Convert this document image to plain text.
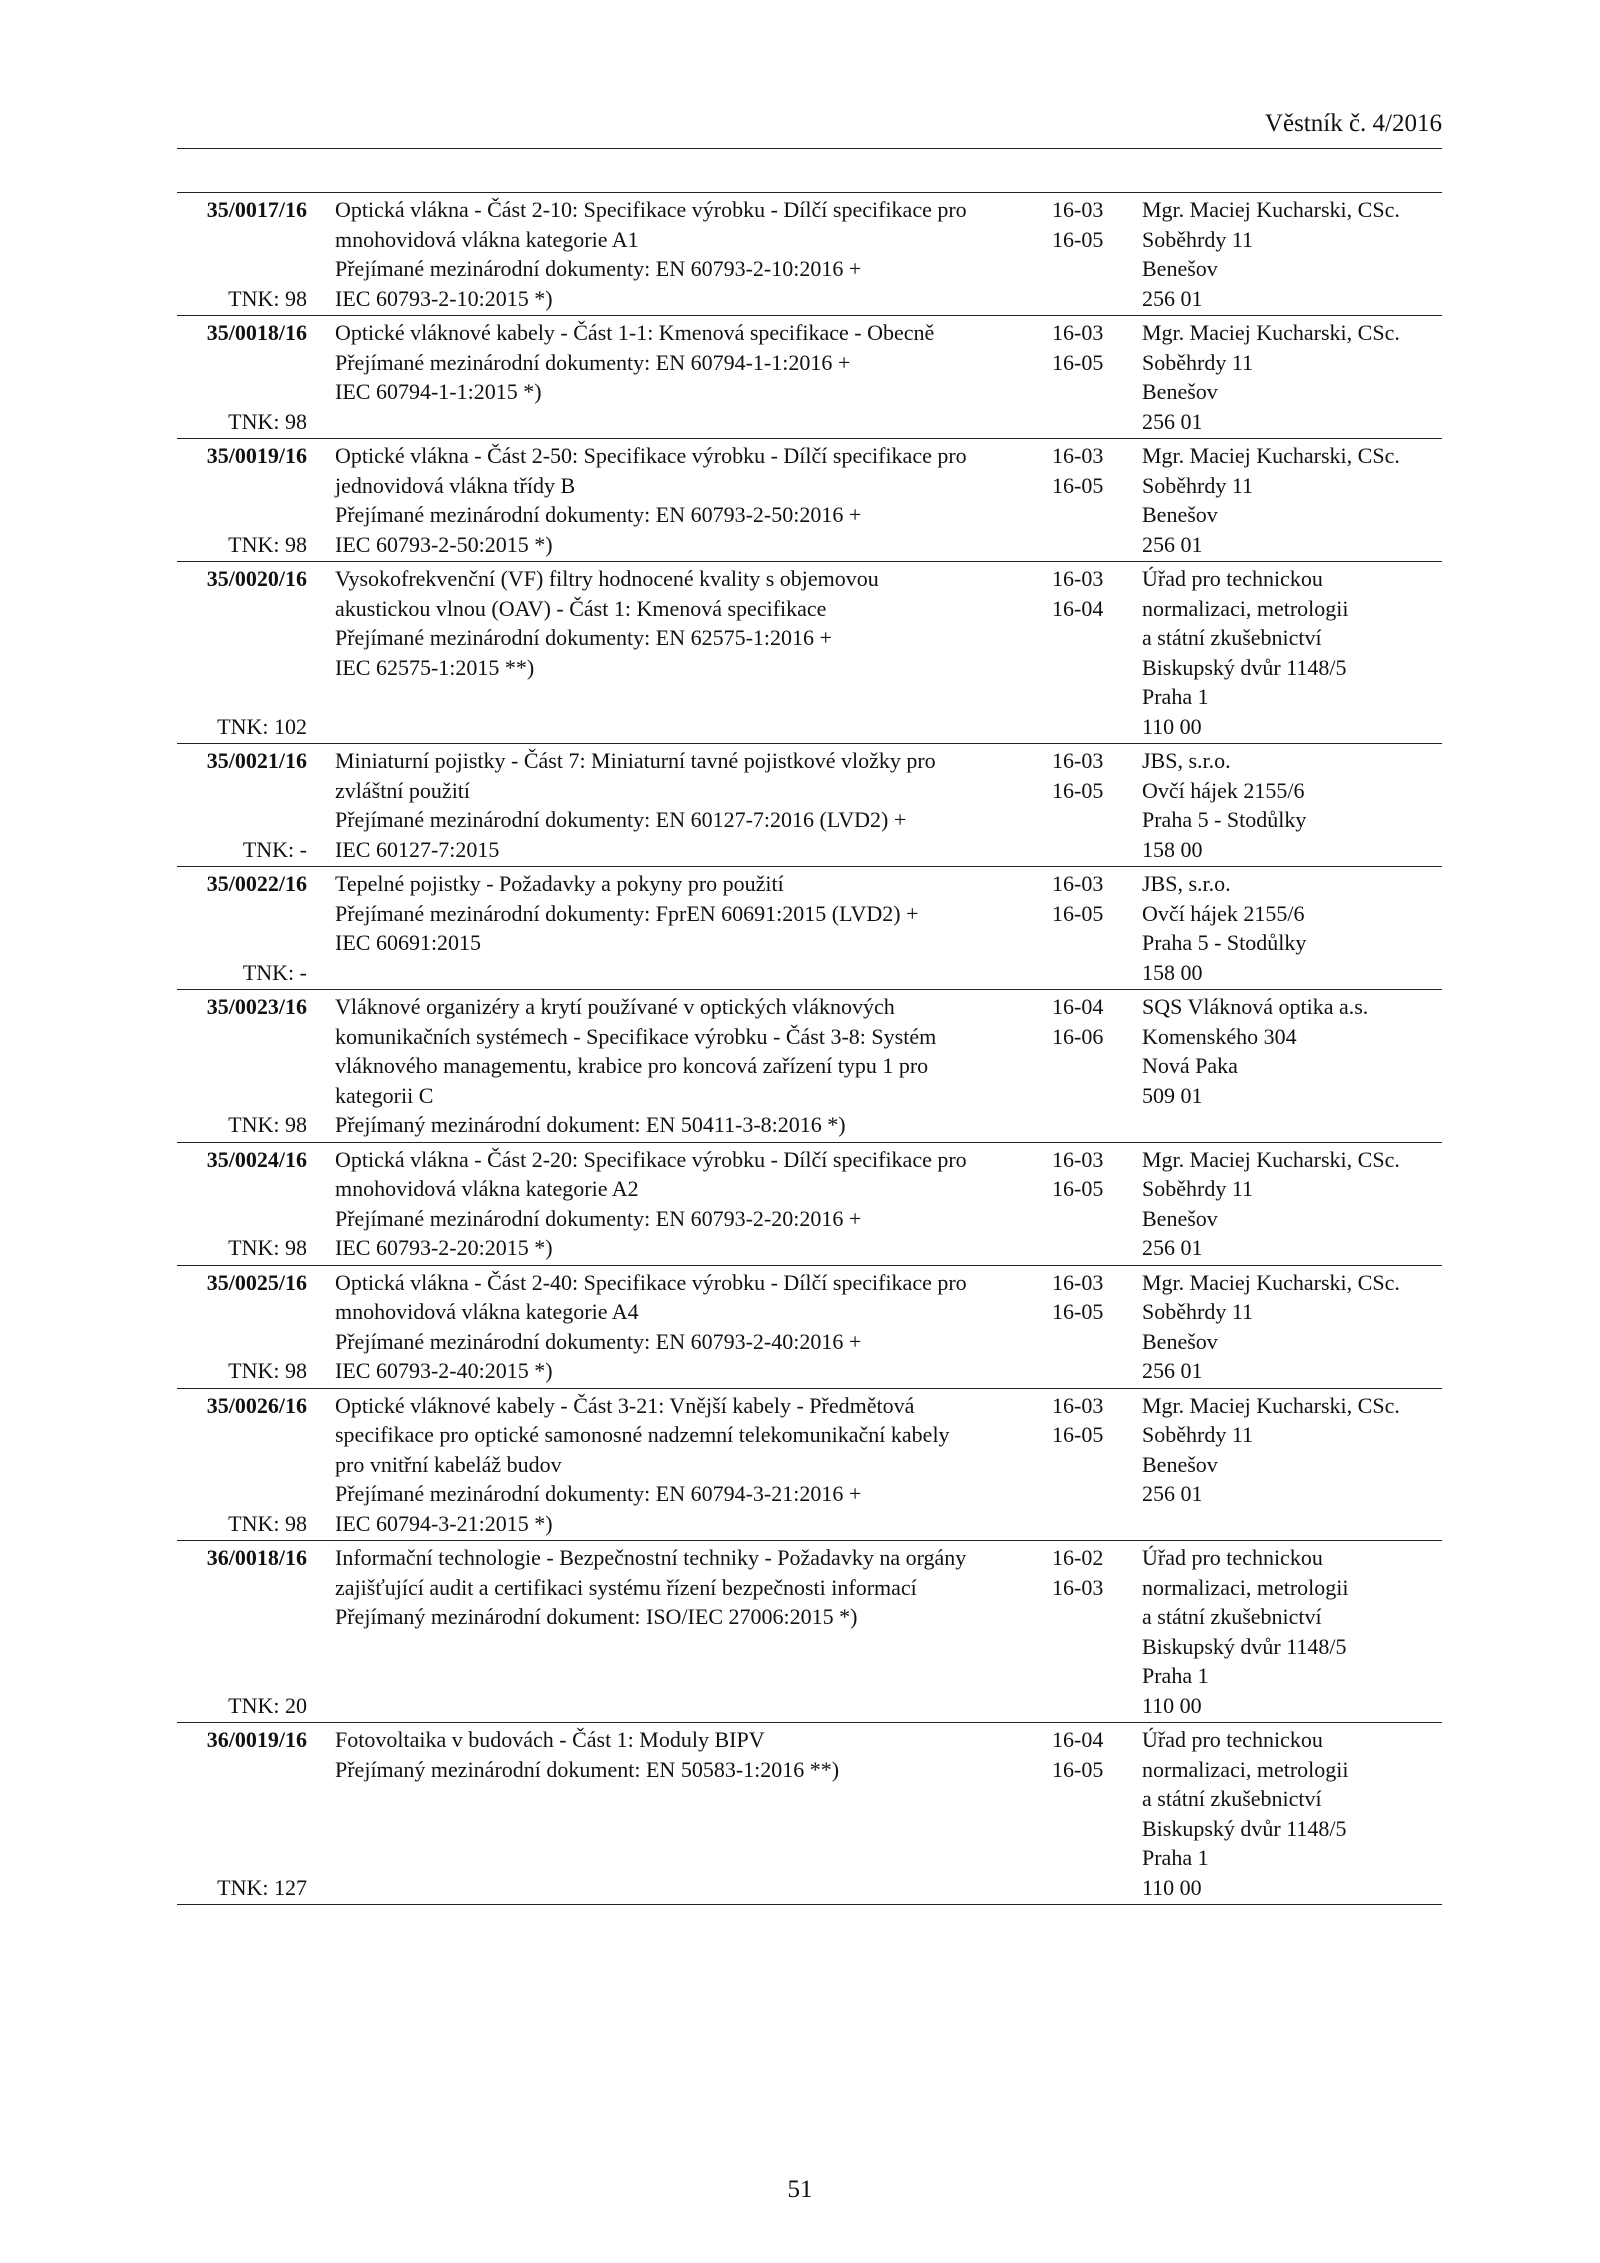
Věstník č. 4/2016
35/0017/16
TNK: 98
Optická vlákna - Část 2-10: Specifikace výrobku - Dílčí specifikace pro
mnohovidová vlákna kategorie A1
Přejímané mezinárodní dokumenty: EN 60793-2-10:2016 +
IEC 60793-2-10:2015 *)
16-03
16-05
Mgr. Maciej Kucharski, CSc.
Soběhrdy 11
Benešov
256 01
35/0018/16
TNK: 98
Optické vláknové kabely - Část 1-1: Kmenová specifikace - Obecně
Přejímané mezinárodní dokumenty: EN 60794-1-1:2016 +
IEC 60794-1-1:2015 *)
16-03
16-05
Mgr. Maciej Kucharski, CSc.
Soběhrdy 11
Benešov
256 01
35/0019/16
TNK: 98
Optické vlákna - Část 2-50: Specifikace výrobku - Dílčí specifikace pro
jednovidová vlákna třídy B
Přejímané mezinárodní dokumenty: EN 60793-2-50:2016 +
IEC 60793-2-50:2015 *)
16-03
16-05
Mgr. Maciej Kucharski, CSc.
Soběhrdy 11
Benešov
256 01
35/0020/16
TNK: 102
Vysokofrekvenční (VF) filtry hodnocené kvality s objemovou
akustickou vlnou (OAV) - Část 1: Kmenová specifikace
Přejímané mezinárodní dokumenty: EN 62575-1:2016 +
IEC 62575-1:2015 **)
16-03
16-04
Úřad pro technickou
normalizaci, metrologii
a státní zkušebnictví
Biskupský dvůr 1148/5
Praha 1
110 00
35/0021/16
TNK: -
Miniaturní pojistky - Část 7: Miniaturní tavné pojistkové vložky pro
zvláštní použití
Přejímané mezinárodní dokumenty: EN 60127-7:2016 (LVD2) +
IEC 60127-7:2015
16-03
16-05
JBS, s.r.o.
Ovčí hájek 2155/6
Praha 5 - Stodůlky
158 00
35/0022/16
TNK: -
Tepelné pojistky - Požadavky a pokyny pro použití
Přejímané mezinárodní dokumenty: FprEN 60691:2015 (LVD2) +
IEC 60691:2015
16-03
16-05
JBS, s.r.o.
Ovčí hájek 2155/6
Praha 5 - Stodůlky
158 00
35/0023/16
TNK: 98
Vláknové organizéry a krytí používané v optických vláknových
komunikačních systémech - Specifikace výrobku - Část 3-8: Systém
vláknového managementu, krabice pro koncová zařízení typu 1 pro
kategorii C
Přejímaný mezinárodní dokument: EN 50411-3-8:2016 *)
16-04
16-06
SQS Vláknová optika a.s.
Komenského 304
Nová Paka
509 01
35/0024/16
TNK: 98
Optická vlákna - Část 2-20: Specifikace výrobku - Dílčí specifikace pro
mnohovidová vlákna kategorie A2
Přejímané mezinárodní dokumenty: EN 60793-2-20:2016 +
IEC 60793-2-20:2015 *)
16-03
16-05
Mgr. Maciej Kucharski, CSc.
Soběhrdy 11
Benešov
256 01
35/0025/16
TNK: 98
Optická vlákna - Část 2-40: Specifikace výrobku - Dílčí specifikace pro
mnohovidová vlákna kategorie A4
Přejímané mezinárodní dokumenty: EN 60793-2-40:2016 +
IEC 60793-2-40:2015 *)
16-03
16-05
Mgr. Maciej Kucharski, CSc.
Soběhrdy 11
Benešov
256 01
35/0026/16
TNK: 98
Optické vláknové kabely - Část 3-21: Vnější kabely - Předmětová
specifikace pro optické samonosné nadzemní telekomunikační kabely
pro vnitřní kabeláž budov
Přejímané mezinárodní dokumenty: EN 60794-3-21:2016 +
IEC 60794-3-21:2015 *)
16-03
16-05
Mgr. Maciej Kucharski, CSc.
Soběhrdy 11
Benešov
256 01
36/0018/16
TNK: 20
Informační technologie - Bezpečnostní techniky - Požadavky na orgány
zajišťující audit a certifikaci systému řízení bezpečnosti informací
Přejímaný mezinárodní dokument: ISO/IEC 27006:2015 *)
16-02
16-03
Úřad pro technickou
normalizaci, metrologii
a státní zkušebnictví
Biskupský dvůr 1148/5
Praha 1
110 00
36/0019/16
TNK: 127
Fotovoltaika v budovách - Část 1: Moduly BIPV
Přejímaný mezinárodní dokument: EN 50583-1:2016 **)
16-04
16-05
Úřad pro technickou
normalizaci, metrologii
a státní zkušebnictví
Biskupský dvůr 1148/5
Praha 1
110 00
51
